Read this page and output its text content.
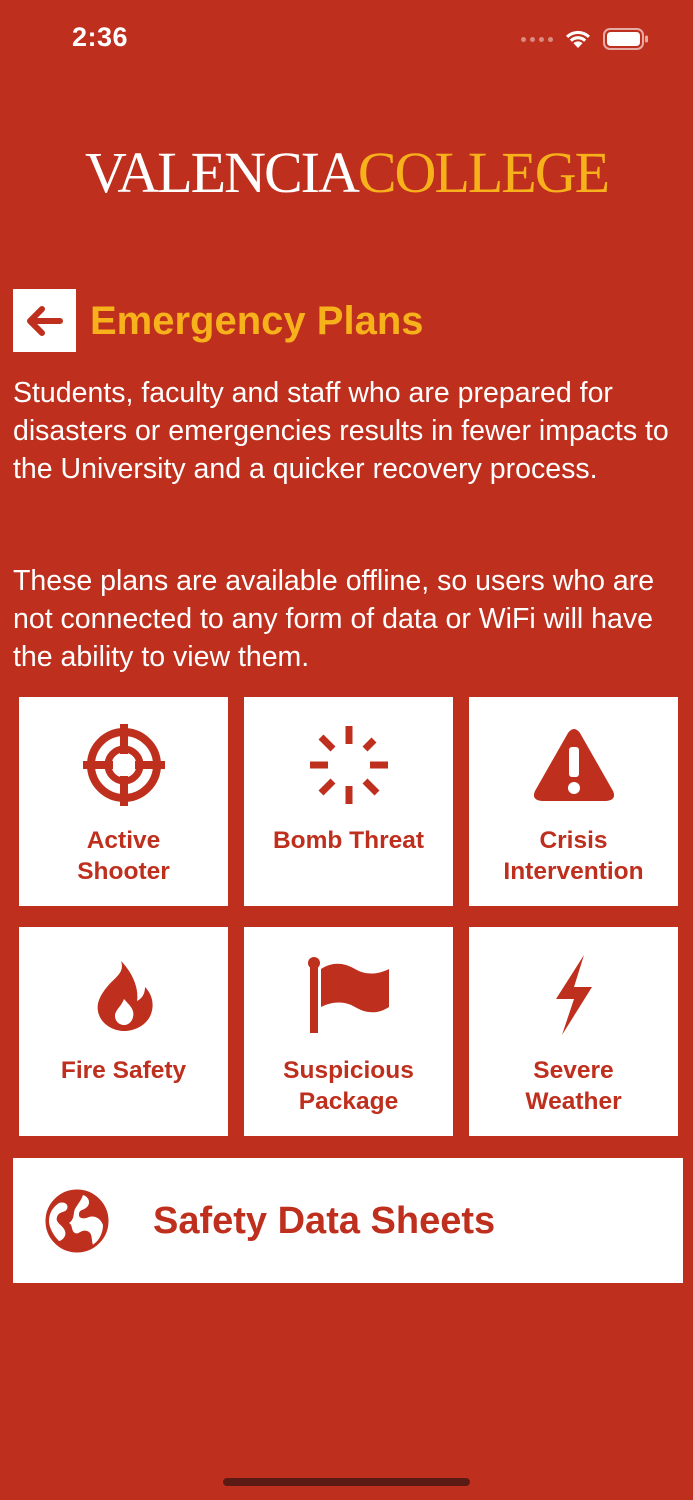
2:36
VALENCIACOLLEGE
Emergency Plans

Students, faculty and staff who are prepared for disasters or emergencies results in fewer impacts to the University and a quicker recovery process.

These plans are available offline, so users who are not connected to any form of data or WiFi will have the ability to view them.

Active
Shooter
Bomb Threat	Crisis
Intervention
Fire Safety	Suspicious
Package
Severe
Weather
Safety Data Sheets
